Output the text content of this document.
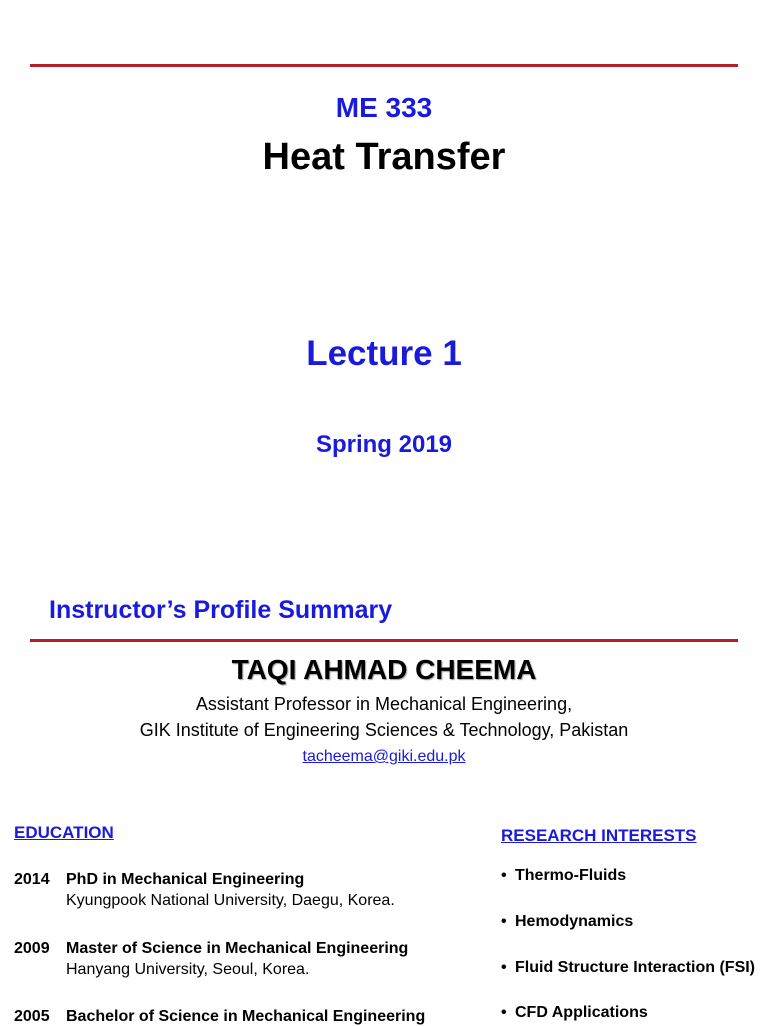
ME 333
Heat Transfer
Lecture 1
Spring 2019
Instructor’s Profile Summary
TAQI AHMAD CHEEMA
Assistant Professor in Mechanical Engineering,
GIK Institute of Engineering Sciences & Technology, Pakistan
tacheema@giki.edu.pk
EDUCATION
2014 PhD in Mechanical Engineering
Kyungpook National University, Daegu, Korea.
2009 Master of Science in Mechanical Engineering
Hanyang University, Seoul, Korea.
2005 Bachelor of Science in Mechanical Engineering
RESEARCH INTERESTS
• Thermo-Fluids
• Hemodynamics
• Fluid Structure Interaction (FSI)
• CFD Applications
